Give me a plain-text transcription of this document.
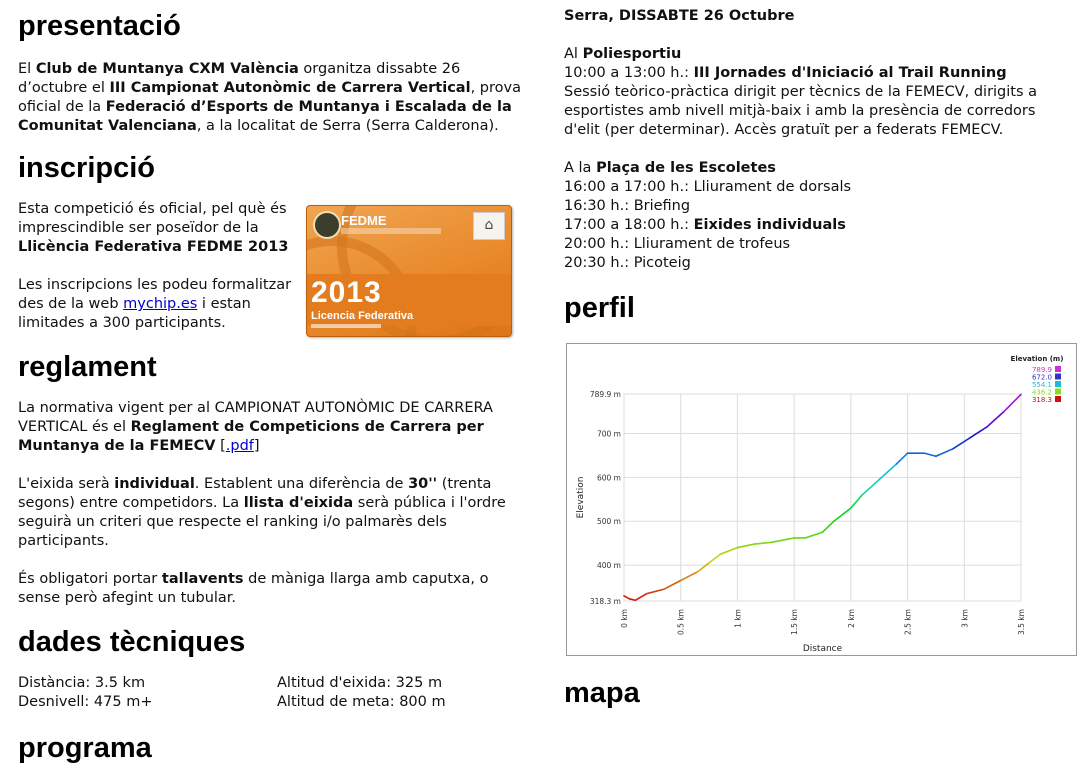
presentació

El Club de Muntanya CXM València organitza dissabte 26 d’octubre el III Campionat Autonòmic de Carrera Vertical, prova oficial de la Federació d’Esports de Muntanya i Escalada de la Comunitat Valenciana, a la localitat de Serra (Serra Calderona).

inscripció

Esta competició és oficial, pel què és imprescindible ser poseïdor de la Llicència Federativa FEDME 2013

Les inscripcions les podeu formalitzar des de la web mychip.es i estan limitades a 300 participants.

reglament

La normativa vigent per al CAMPIONAT AUTONÒMIC DE CARRERA VERTICAL és el Reglament de Competicions de Carrera per Muntanya de la FEMECV [.pdf]

L'eixida serà individual. Establent una diferència de 30'' (trenta segons) entre competidors. La llista d'eixida serà pública i l'ordre seguirà un criteri que respecte el ranking i/o palmarès dels participants.

És obligatori portar tallavents de màniga llarga amb caputxa, o sense però afegint un tubular.

dades tècniques

Distància: 3.5 km	Altitud d'eixida: 325 m

Desnivell: 475 m+	Altitud de meta: 800 m

programa
FEDME	⌂
2013
Licencia Federativa

Serra, DISSABTE 26 Octubre

Al Poliesportiu

10:00 a 13:00 h.: III Jornades d'Iniciació al Trail Running

Sessió teòrico-pràctica dirigit per tècnics de la FEMECV, dirigits a esportistes amb nivell mitjà-baix i amb la presència de corredors d'elit (per determinar). Accès gratuït per a federats FEMECV.

A la Plaça de les Escoletes

16:00 a 17:00 h.: Lliurament de dorsals

16:30 h.: Briefing

17:00 a 18:00 h.: Eixides individuals

20:00 h.: Lliurament de trofeus

20:30 h.: Picoteig

perfil
mapa
318.3 m
400 m
500 m
600 m
700 m
789.9 m
0 km	0.5 km	1 km	1.5 km	2 km	2.5 km	3 km	3.5 km
Distance
Elevation
Elevation (m)
789.9
672.0
554.1
436.2
318.3
